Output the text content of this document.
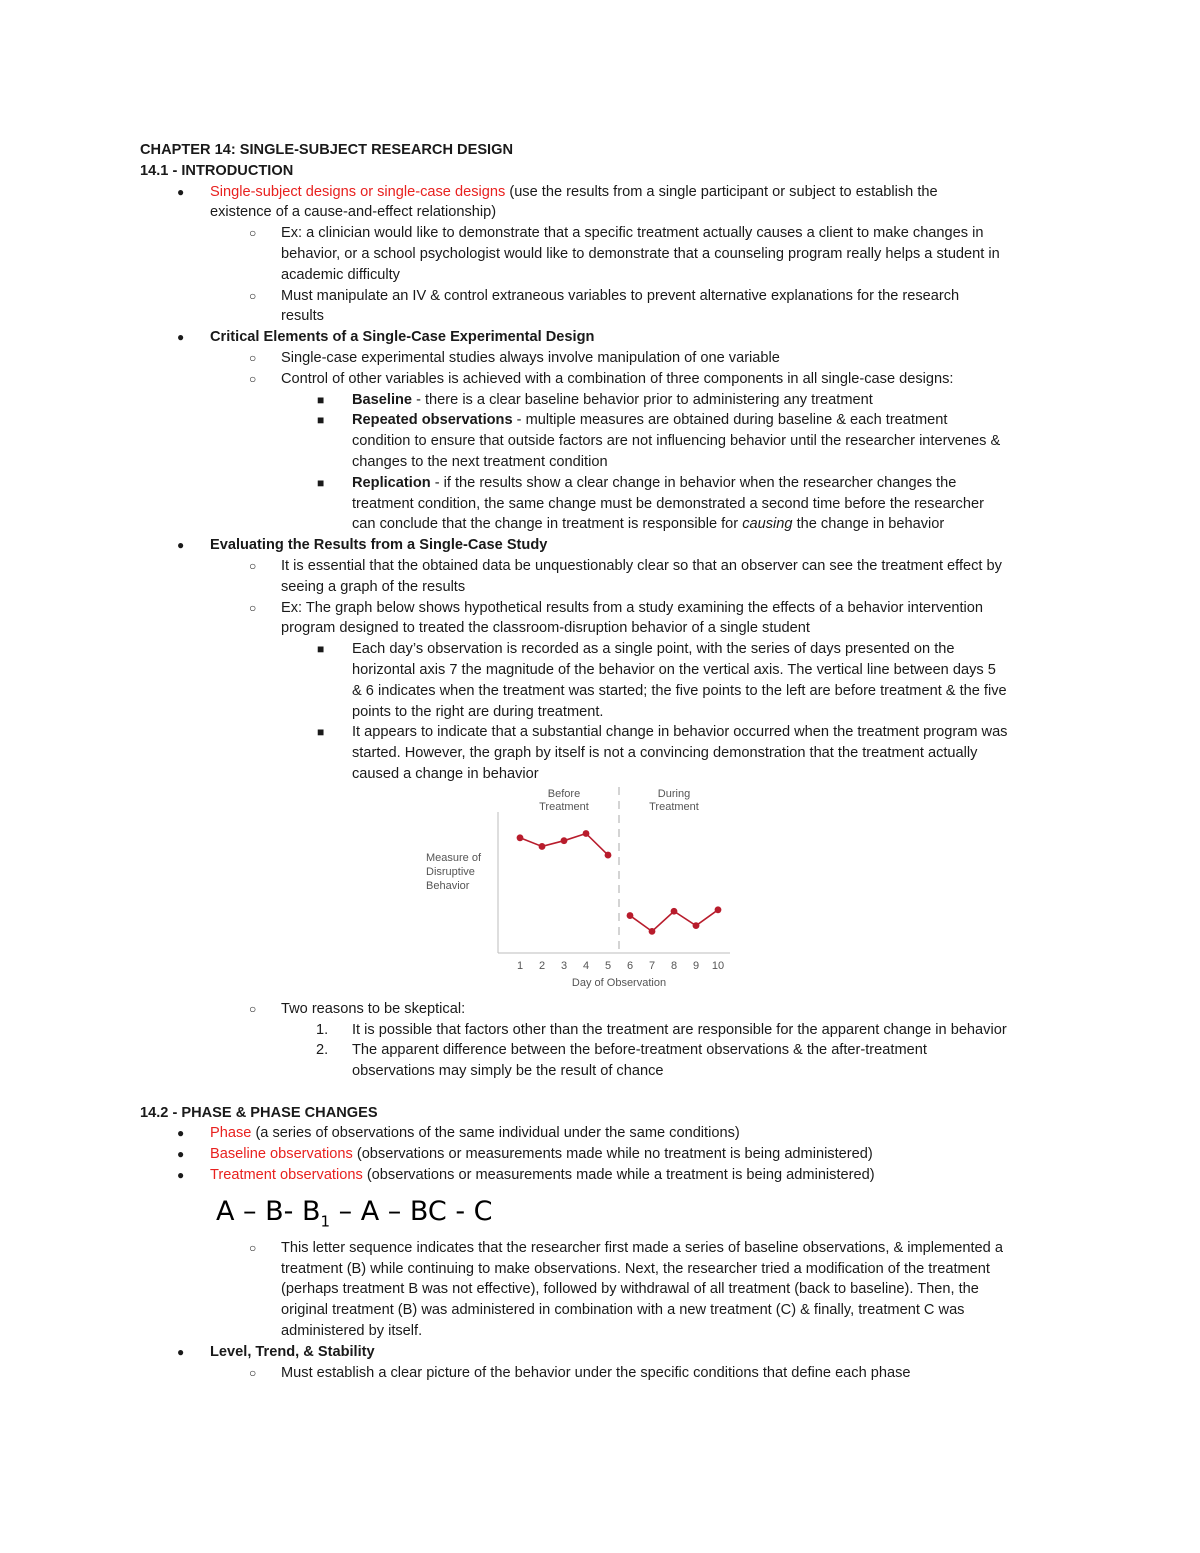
CHAPTER 14: SINGLE-SUBJECT RESEARCH DESIGN
14.1 - INTRODUCTION
● Single-subject designs or single-case designs (use the results from a single participant or subject to establish the
existence of a cause-and-effect relationship)
○ Ex: a clinician would like to demonstrate that a specific treatment actually causes a client to make changes in
behavior, or a school psychologist would like to demonstrate that a counseling program really helps a student in
academic difficulty
○ Must manipulate an IV & control extraneous variables to prevent alternative explanations for the research
results
● Critical Elements of a Single-Case Experimental Design
○ Single-case experimental studies always involve manipulation of one variable
○ Control of other variables is achieved with a combination of three components in all single-case designs:
■ Baseline - there is a clear baseline behavior prior to administering any treatment
■ Repeated observations - multiple measures are obtained during baseline & each treatment
condition to ensure that outside factors are not influencing behavior until the researcher intervenes &
changes to the next treatment condition
■ Replication - if the results show a clear change in behavior when the researcher changes the
treatment condition, the same change must be demonstrated a second time before the researcher
can conclude that the change in treatment is responsible for causing the change in behavior
● Evaluating the Results from a Single-Case Study
○ It is essential that the obtained data be unquestionably clear so that an observer can see the treatment effect by
seeing a graph of the results
○ Ex: The graph below shows hypothetical results from a study examining the effects of a behavior intervention
program designed to treated the classroom-disruption behavior of a single student
■ Each day’s observation is recorded as a single point, with the series of days presented on the
horizontal axis 7 the magnitude of the behavior on the vertical axis. The vertical line between days 5
& 6 indicates when the treatment was started; the five points to the left are before treatment & the five
points to the right are during treatment.
■ It appears to indicate that a substantial change in behavior occurred when the treatment program was
started. However, the graph by itself is not a convincing demonstration that the treatment actually
caused a change in behavior
Before
Treatment
During
Treatment
Measure of
Disruptive
Behavior
1 2 3 4 5 6 7 8 9 10
Day of Observation
○ Two reasons to be skeptical:
1. It is possible that factors other than the treatment are responsible for the apparent change in behavior
2. The apparent difference between the before-treatment observations & the after-treatment
observations may simply be the result of chance
14.2 - PHASE & PHASE CHANGES
● Phase (a series of observations of the same individual under the same conditions)
● Baseline observations (observations or measurements made while no treatment is being administered)
● Treatment observations (observations or measurements made while a treatment is being administered)
A – B- $B_1$ – A – BC - C
○ This letter sequence indicates that the researcher first made a series of baseline observations, & implemented a
treatment (B) while continuing to make observations. Next, the researcher tried a modification of the treatment
(perhaps treatment B was not effective), followed by withdrawal of all treatment (back to baseline). Then, the
original treatment (B) was administered in combination with a new treatment (C) & finally, treatment C was
administered by itself.
● Level, Trend, & Stability
○ Must establish a clear picture of the behavior under the specific conditions that define each phase
